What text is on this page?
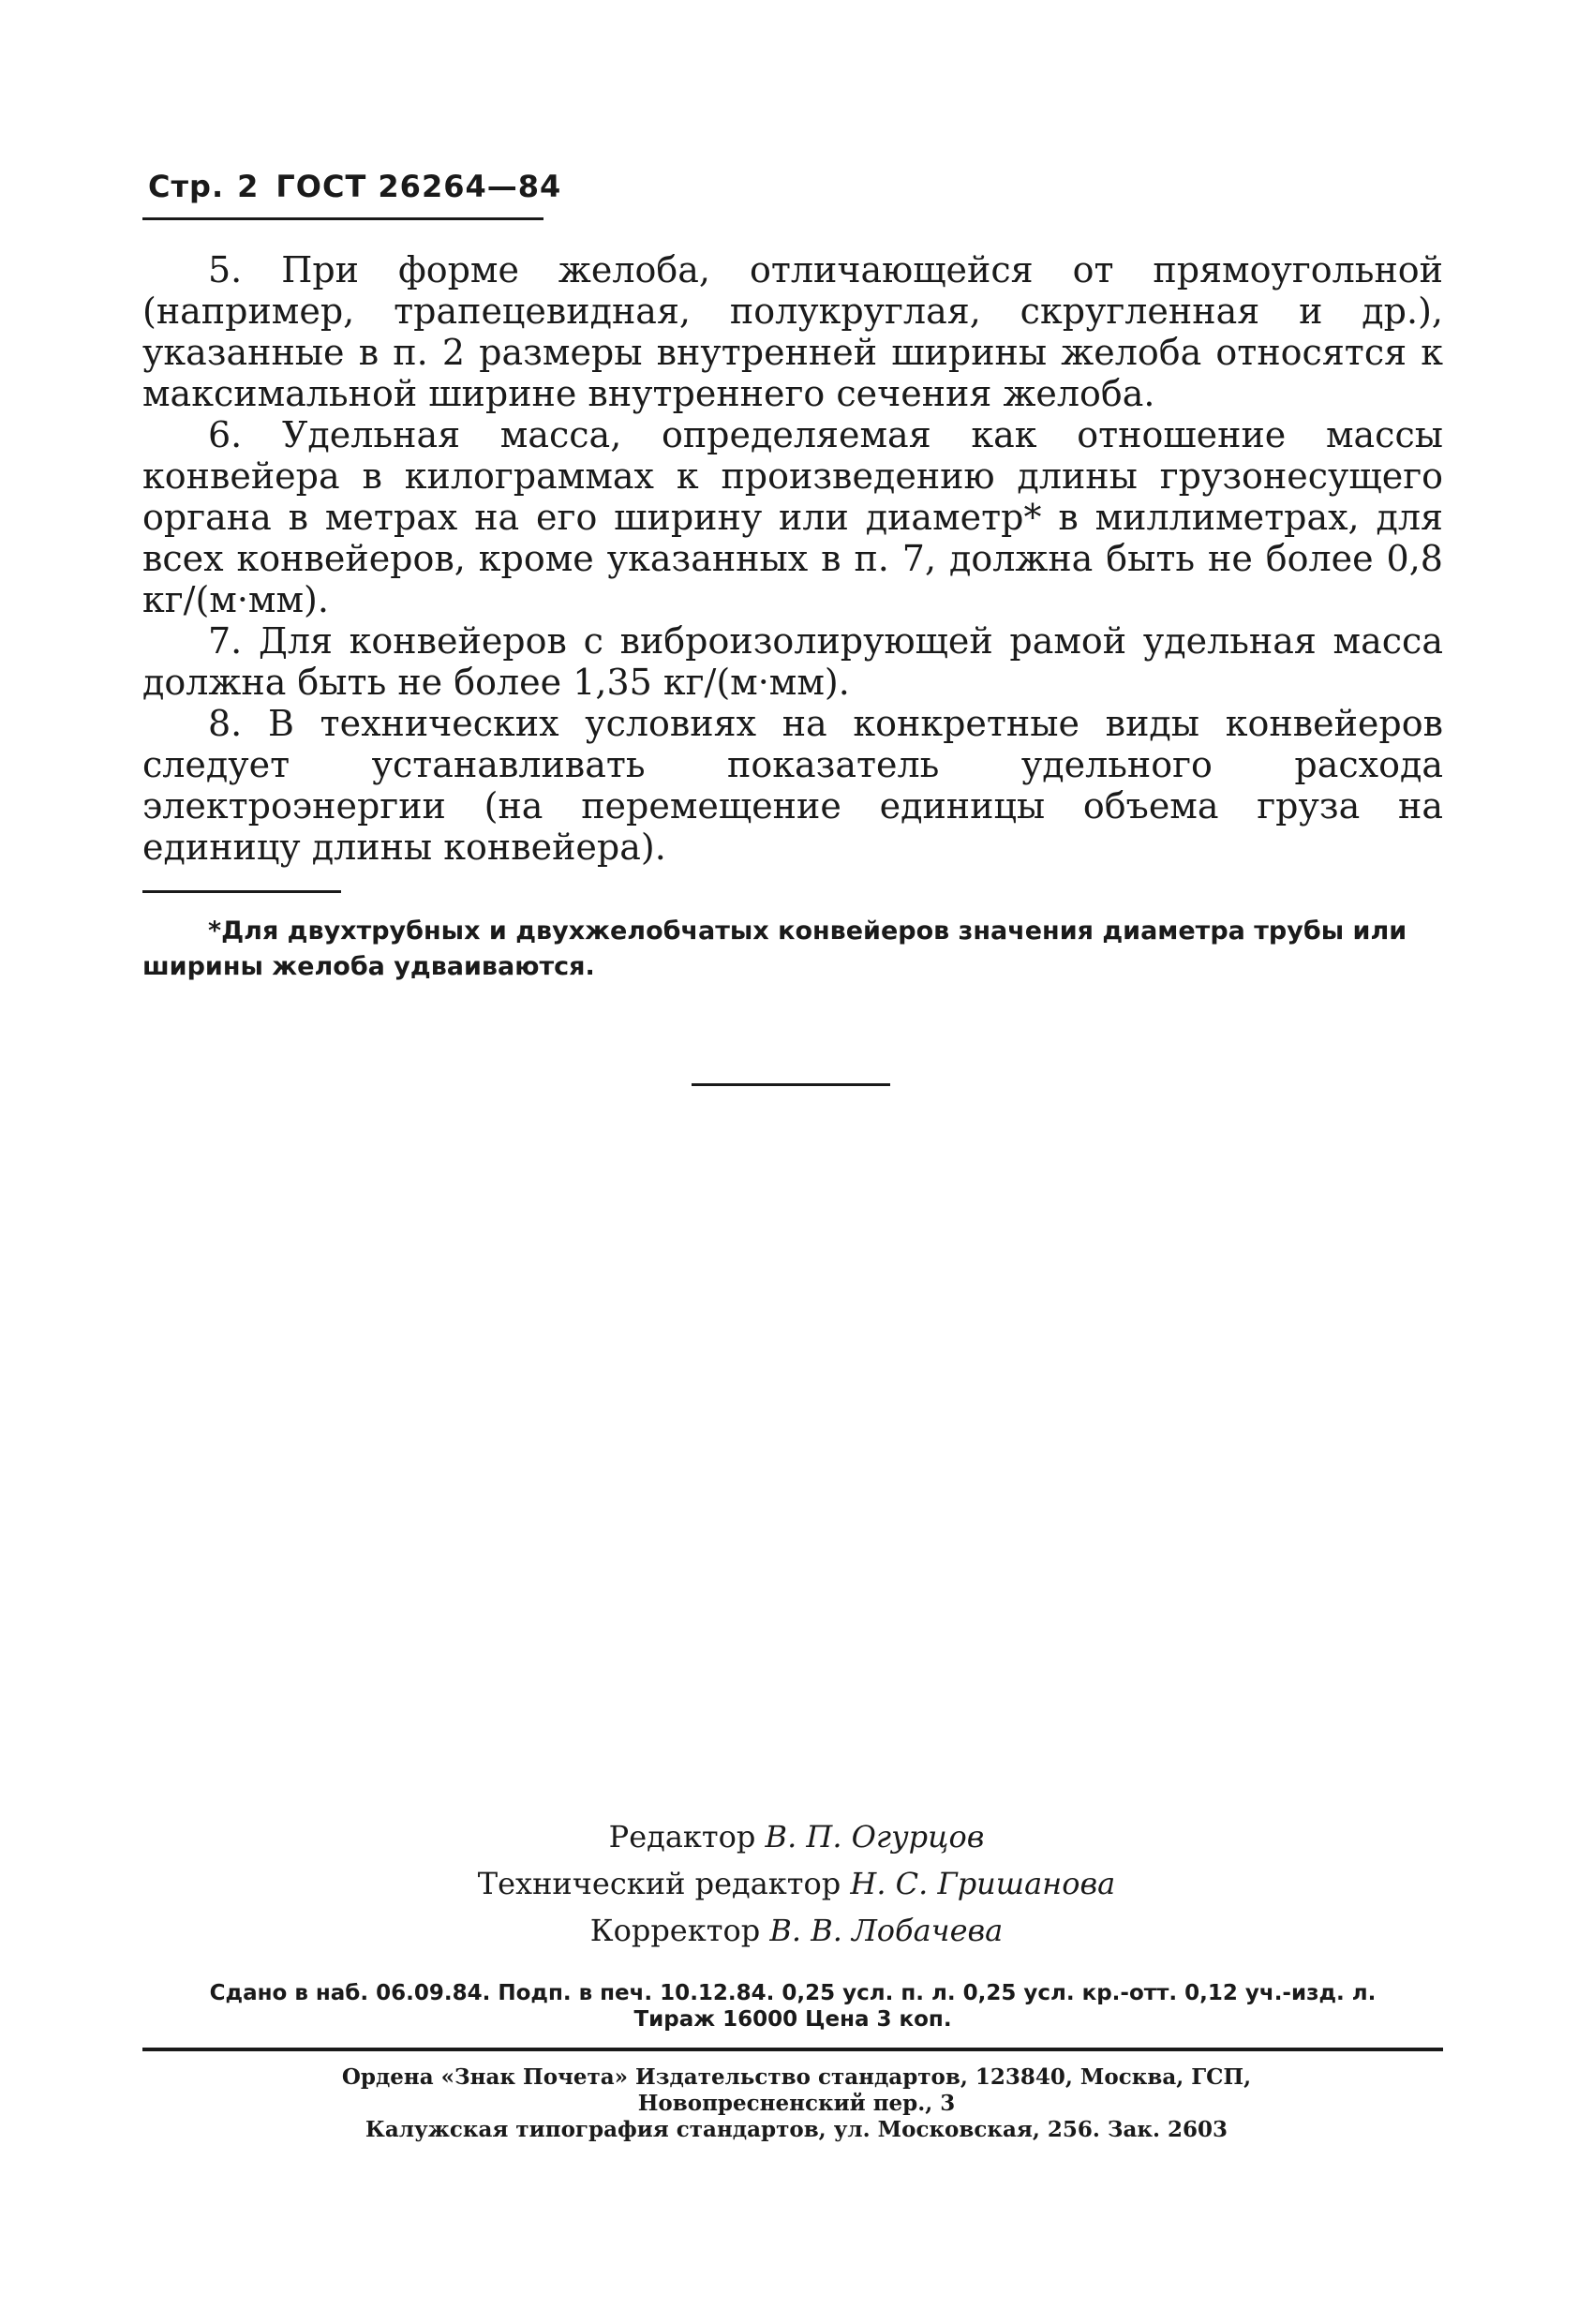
Стр. 2 ГОСТ 26264—84

5. При форме желоба, отличающейся от прямоугольной (например, трапецевидная, полукруглая, скругленная и др.), указанные в п. 2 размеры внутренней ширины желоба относятся к максимальной ширине внутреннего сечения желоба.

6. Удельная масса, определяемая как отношение массы конвейера в килограммах к произведению длины грузонесущего органа в метрах на его ширину или диаметр* в миллиметрах, для всех конвейеров, кроме указанных в п. 7, должна быть не более 0,8 кг/(м·мм).

7. Для конвейеров с виброизолирующей рамой удельная масса должна быть не более 1,35 кг/(м·мм).

8. В технических условиях на конкретные виды конвейеров следует устанавливать показатель удельного расхода электроэнергии (на перемещение единицы объема груза на единицу длины конвейера).

*Для двухтрубных и двухжелобчатых конвейеров значения диаметра трубы или ширины желоба удваиваются.

Редактор В. П. Огурцов
Технический редактор Н. С. Гришанова
Корректор В. В. Лобачева
Сдано в наб. 06.09.84. Подп. в печ. 10.12.84. 0,25 усл. п. л. 0,25 усл. кр.-отт. 0,12 уч.-изд. л.
Тираж 16000 Цена 3 коп.
Ордена «Знак Почета» Издательство стандартов, 123840, Москва, ГСП,
Новопресненский пер., 3
Калужская типография стандартов, ул. Московская, 256. Зак. 2603
